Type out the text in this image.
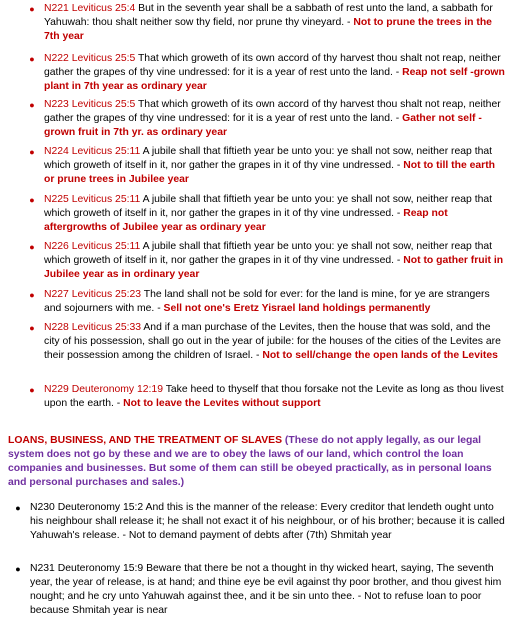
● N221 Leviticus 25:4 But in the seventh year shall be a sabbath of rest unto the land, a sabbath for Yahuwah: thou shalt neither sow thy field, nor prune thy vineyard. - Not to prune the trees in the 7th year
● N222 Leviticus 25:5 That which groweth of its own accord of thy harvest thou shalt not reap, neither gather the grapes of thy vine undressed: for it is a year of rest unto the land. - Reap not self -grown plant in 7th year as ordinary year
● N223 Leviticus 25:5 That which groweth of its own accord of thy harvest thou shalt not reap, neither gather the grapes of thy vine undressed: for it is a year of rest unto the land. - Gather not self -grown fruit in 7th yr. as ordinary year
● N224 Leviticus 25:11 A jubile shall that fiftieth year be unto you: ye shall not sow, neither reap that which groweth of itself in it, nor gather the grapes in it of thy vine undressed. - Not to till the earth or prune trees in Jubilee year
● N225 Leviticus 25:11 A jubile shall that fiftieth year be unto you: ye shall not sow, neither reap that which groweth of itself in it, nor gather the grapes in it of thy vine undressed. - Reap not aftergrowths of Jubilee year as ordinary year
● N226 Leviticus 25:11 A jubile shall that fiftieth year be unto you: ye shall not sow, neither reap that which groweth of itself in it, nor gather the grapes in it of thy vine undressed. - Not to gather fruit in Jubilee year as in ordinary year
● N227 Leviticus 25:23 The land shall not be sold for ever: for the land is mine, for ye are strangers and sojourners with me. - Sell not one's Eretz Yisrael land holdings permanently
● N228 Leviticus 25:33 And if a man purchase of the Levites, then the house that was sold, and the city of his possession, shall go out in the year of jubile: for the houses of the cities of the Levites are their possession among the children of Israel. - Not to sell/change the open lands of the Levites
● N229 Deuteronomy 12:19 Take heed to thyself that thou forsake not the Levite as long as thou livest upon the earth. - Not to leave the Levites without support
LOANS, BUSINESS, AND THE TREATMENT OF SLAVES (These do not apply legally, as our legal system does not go by these and we are to obey the laws of our land, which control the loan companies and businesses. But some of them can still be obeyed practically, as in personal loans and personal purchases and sales.)
● N230 Deuteronomy 15:2 And this is the manner of the release: Every creditor that lendeth ought unto his neighbour shall release it; he shall not exact it of his neighbour, or of his brother; because it is called Yahuwah's release. - Not to demand payment of debts after (7th) Shmitah year
● N231 Deuteronomy 15:9 Beware that there be not a thought in thy wicked heart, saying, The seventh year, the year of release, is at hand; and thine eye be evil against thy poor brother, and thou givest him nought; and he cry unto Yahuwah against thee, and it be sin unto thee. - Not to refuse loan to poor because Shmitah year is near
